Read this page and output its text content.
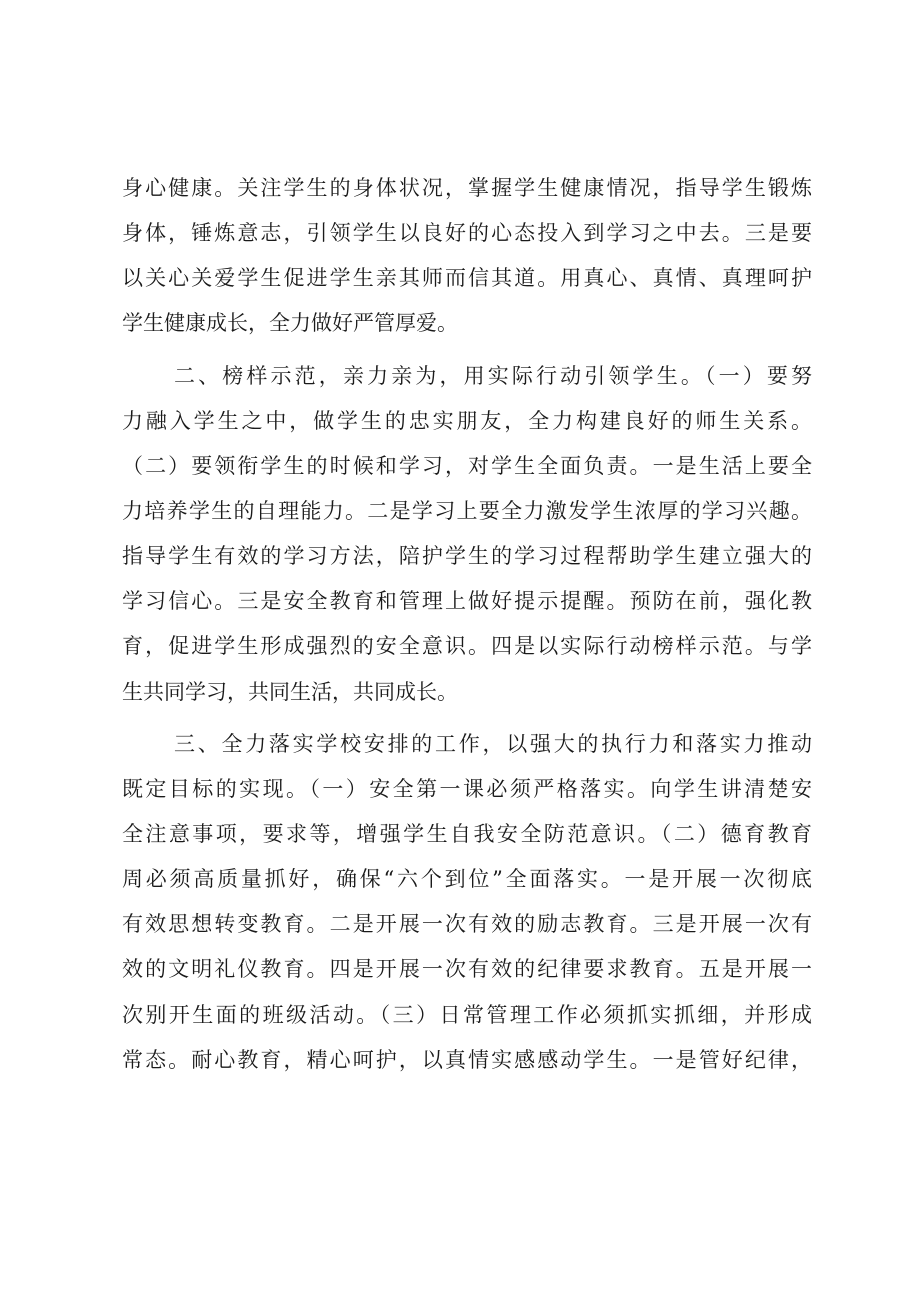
身心健康。关注学生的身体状况，掌握学生健康情况，指导学生锻炼
身体，锤炼意志，引领学生以良好的心态投入到学习之中去。三是要
以关心关爱学生促进学生亲其师而信其道。用真心、真情、真理呵护
学生健康成长，全力做好严管厚爱。
二、榜样示范，亲力亲为，用实际行动引领学生。（一）要努
力融入学生之中，做学生的忠实朋友，全力构建良好的师生关系。
（二）要领衔学生的时候和学习，对学生全面负责。一是生活上要全
力培养学生的自理能力。二是学习上要全力激发学生浓厚的学习兴趣。
指导学生有效的学习方法，陪护学生的学习过程帮助学生建立强大的
学习信心。三是安全教育和管理上做好提示提醒。预防在前，强化教
育，促进学生形成强烈的安全意识。四是以实际行动榜样示范。与学
生共同学习，共同生活，共同成长。
三、全力落实学校安排的工作，以强大的执行力和落实力推动
既定目标的实现。（一）安全第一课必须严格落实。向学生讲清楚安
全注意事项，要求等，增强学生自我安全防范意识。（二）德育教育
周必须高质量抓好，确保“六个到位”全面落实。一是开展一次彻底
有效思想转变教育。二是开展一次有效的励志教育。三是开展一次有
效的文明礼仪教育。四是开展一次有效的纪律要求教育。五是开展一
次别开生面的班级活动。（三）日常管理工作必须抓实抓细，并形成
常态。耐心教育，精心呵护，以真情实感感动学生。一是管好纪律，
